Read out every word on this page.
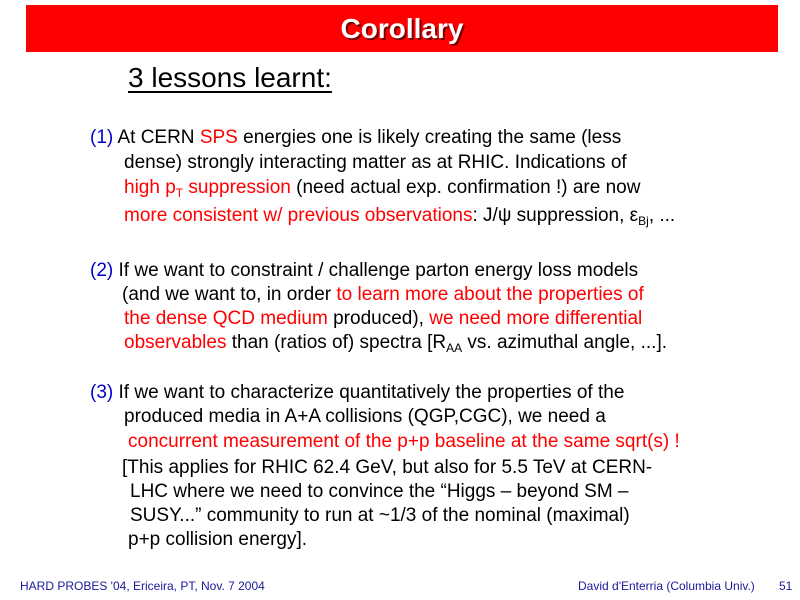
Corollary
3 lessons learnt:
(1) At CERN SPS energies one is likely creating the same (less
dense) strongly interacting matter as at RHIC. Indications of
high $p_T$ suppression (need actual exp. confirmation !) are now
more consistent w/ previous observations: J/ψ suppression, $\varepsilon_{Bj}$, ...
(2) If we want to constraint / challenge parton energy loss models
(and we want to, in order to learn more about the properties of
the dense QCD medium produced), we need more differential
observables than (ratios of) spectra [$R_{AA}$ vs. azimuthal angle, ...].
(3) If we want to characterize quantitatively the properties of the
produced media in A+A collisions (QGP,CGC), we need a
concurrent measurement of the p+p baseline at the same sqrt(s) !
[This applies for RHIC 62.4 GeV, but also for 5.5 TeV at CERN-
LHC where we need to convince the “Higgs – beyond SM –
SUSY...” community to run at ~1/3 of the nominal (maximal)
p+p collision energy].
HARD PROBES '04, Ericeira, PT, Nov. 7 2004	David d'Enterria (Columbia Univ.) 51
